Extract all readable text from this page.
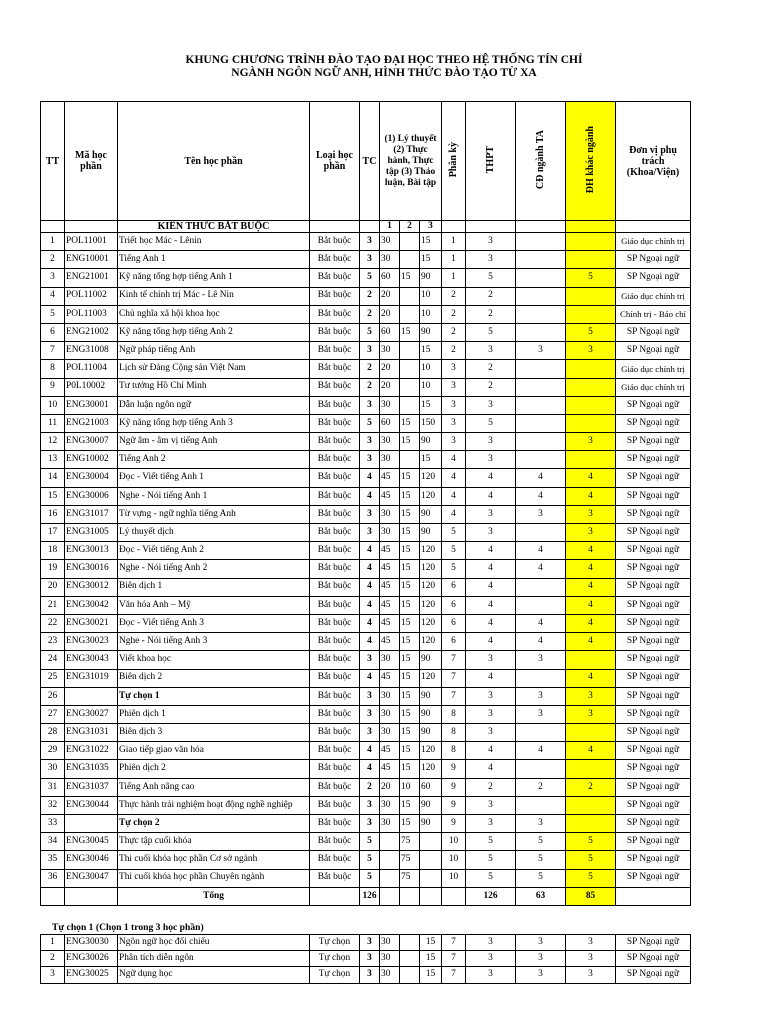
KHUNG CHƯƠNG TRÌNH ĐÀO TẠO ĐẠI HỌC THEO HỆ THỐNG TÍN CHỈ
NGÀNH NGÔN NGỮ ANH, HÌNH THỨC ĐÀO TẠO TỪ XA
TT	Mã học phần	Tên học phần	Loại học phần	TC	(1) Lý thuyết (2) Thực hành, Thực tập (3) Thảo luận, Bài tập			Phân kỳ	THPT	CĐ ngành TA	ĐH khác ngành	Đơn vị phụ trách (Khoa/Viện)
		KIẾN THỨC BẮT BUỘC			1	2	3					
1	POL11001	Triết học Mác - Lênin	Bắt buộc	3	30		15	1	3			Giáo dục chính trị
2	ENG10001	Tiếng Anh 1	Bắt buộc	3	30		15	1	3			SP Ngoại ngữ
3	ENG21001	Kỹ năng tổng hợp tiếng Anh 1	Bắt buộc	5	60	15	90	1	5		5	SP Ngoại ngữ
4	POL11002	Kinh tế chính trị Mác - Lê Nin	Bắt buộc	2	20		10	2	2			Giáo dục chính trị
5	POL11003	Chủ nghĩa xã hội khoa học	Bắt buộc	2	20		10	2	2			Chính trị - Báo chí
6	ENG21002	Kỹ năng tổng hợp tiếng Anh 2	Bắt buộc	5	60	15	90	2	5		5	SP Ngoại ngữ
7	ENG31008	Ngữ pháp tiếng Anh	Bắt buộc	3	30		15	2	3	3	3	SP Ngoại ngữ
8	POL11004	Lịch sử Đảng Cộng sản Việt Nam	Bắt buộc	2	20		10	3	2			Giáo dục chính trị
9	P0L10002	Tư tưởng Hồ Chí Minh	Bắt buộc	2	20		10	3	2			Giáo dục chính trị
10	ENG30001	Dẫn luận ngôn ngữ	Bắt buộc	3	30		15	3	3			SP Ngoại ngữ
11	ENG21003	Kỹ năng tổng hợp tiếng Anh 3	Bắt buộc	5	60	15	150	3	5			SP Ngoại ngữ
12	ENG30007	Ngữ âm - âm vị tiếng Anh	Bắt buộc	3	30	15	90	3	3		3	SP Ngoại ngữ
13	ENG10002	Tiếng Anh 2	Bắt buộc	3	30		15	4	3			SP Ngoại ngữ
14	ENG30004	Đọc - Viết tiếng Anh 1	Bắt buộc	4	45	15	120	4	4	4	4	SP Ngoại ngữ
15	ENG30006	Nghe - Nói tiếng Anh 1	Bắt buộc	4	45	15	120	4	4	4	4	SP Ngoại ngữ
16	ENG31017	Từ vựng - ngữ nghĩa tiếng Anh	Bắt buộc	3	30	15	90	4	3	3	3	SP Ngoại ngữ
17	ENG31005	Lý thuyết dịch	Bắt buộc	3	30	15	90	5	3		3	SP Ngoại ngữ
18	ENG30013	Đọc - Viết tiếng Anh 2	Bắt buộc	4	45	15	120	5	4	4	4	SP Ngoại ngữ
19	ENG30016	Nghe - Nói tiếng Anh 2	Bắt buộc	4	45	15	120	5	4	4	4	SP Ngoại ngữ
20	ENG30012	Biên dịch 1	Bắt buộc	4	45	15	120	6	4		4	SP Ngoại ngữ
21	ENG30042	Văn hóa Anh – Mỹ	Bắt buộc	4	45	15	120	6	4		4	SP Ngoại ngữ
22	ENG30021	Đọc - Viết tiếng Anh 3	Bắt buộc	4	45	15	120	6	4	4	4	SP Ngoại ngữ
23	ENG30023	Nghe - Nói tiếng Anh 3	Bắt buộc	4	45	15	120	6	4	4	4	SP Ngoại ngữ
24	ENG30043	Viết khoa học	Bắt buộc	3	30	15	90	7	3	3		SP Ngoại ngữ
25	ENG31019	Biên dịch 2	Bắt buộc	4	45	15	120	7	4		4	SP Ngoại ngữ
26		Tự chọn 1	Bắt buộc	3	30	15	90	7	3	3	3	SP Ngoại ngữ
27	ENG30027	Phiên dịch 1	Bắt buộc	3	30	15	90	8	3	3	3	SP Ngoại ngữ
28	ENG31031	Biên dịch 3	Bắt buộc	3	30	15	90	8	3			SP Ngoại ngữ
29	ENG31022	Giao tiếp giao văn hóa	Bắt buộc	4	45	15	120	8	4	4	4	SP Ngoại ngữ
30	ENG31035	Phiên dịch 2	Bắt buộc	4	45	15	120	9	4			SP Ngoại ngữ
31	ENG31037	Tiếng Anh nâng cao	Bắt buộc	2	20	10	60	9	2	2	2	SP Ngoại ngữ
32	ENG30044	Thực hành trải nghiệm hoạt động nghề nghiệp	Bắt buộc	3	30	15	90	9	3			SP Ngoại ngữ
33		Tự chọn 2	Bắt buộc	3	30	15	90	9	3	3		SP Ngoại ngữ
34	ENG30045	Thực tập cuối khóa	Bắt buộc	5		75		10	5	5	5	SP Ngoại ngữ
35	ENG30046	Thi cuối khóa học phần Cơ sở ngành	Bắt buộc	5		75		10	5	5	5	SP Ngoại ngữ
36	ENG30047	Thi cuối khóa học phần Chuyên ngành	Bắt buộc	5		75		10	5	5	5	SP Ngoại ngữ
		Tổng		126					126	63	85	
Tự chọn 1 (Chọn 1 trong 3 học phần)
1	ENG30030	Ngôn ngữ học đối chiếu	Tự chọn	3	30		15	7	3	3	3	SP Ngoại ngữ
2	ENG30026	Phân tích diễn ngôn	Tự chọn	3	30		15	7	3	3	3	SP Ngoại ngữ
3	ENG30025	Ngữ dụng học	Tự chọn	3	30		15	7	3	3	3	SP Ngoại ngữ
